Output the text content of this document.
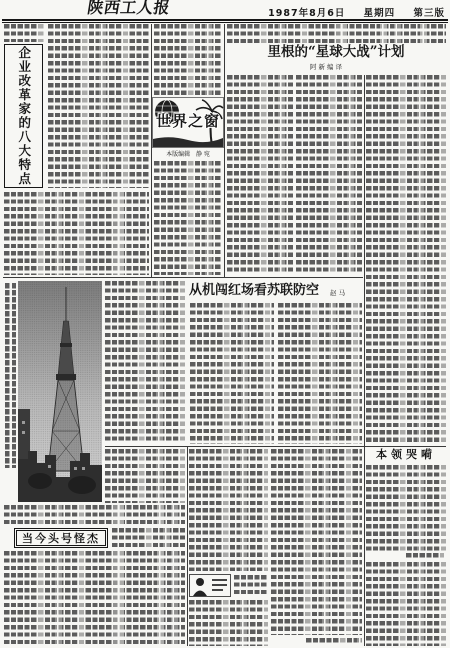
陕西工人报	1987年8月6日 星期四 第三版
企业改革家的八大特点	世界之窗
本版编辑 静 宛
里根的“星球大战”计划
阿 新 编 译
从机闯红场看苏联防空 赵 马
当今头号怪杰
本领哭嗬
